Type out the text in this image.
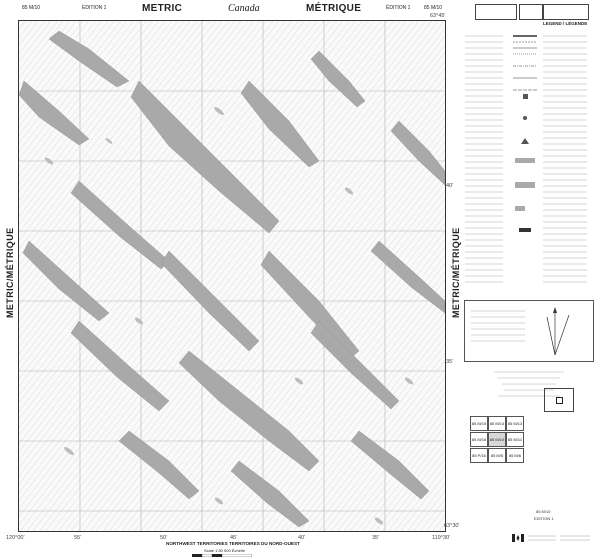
85 M/10	EDITION 1	METRIC	Canada	MÉTRIQUE	ÉDITION 1	85 M/10
METRIC/MÉTRIQUE	METRIC/MÉTRIQUE
63°45'
120°00'
63°30'
119°30'
55'	50'	45'	40'	35'
40'
35'
LEGEND / LÉGENDE
85 M/15 85 M/14 85 M/13
85 M/16 85 M/10 85 M/11
85 P/16	85 M/5	85 M/6
85 M/10
EDITION 1
NORTHWEST TERRITORIES TERRITOIRES DU NORD-OUEST
Scale 1:50 000 Échelle
